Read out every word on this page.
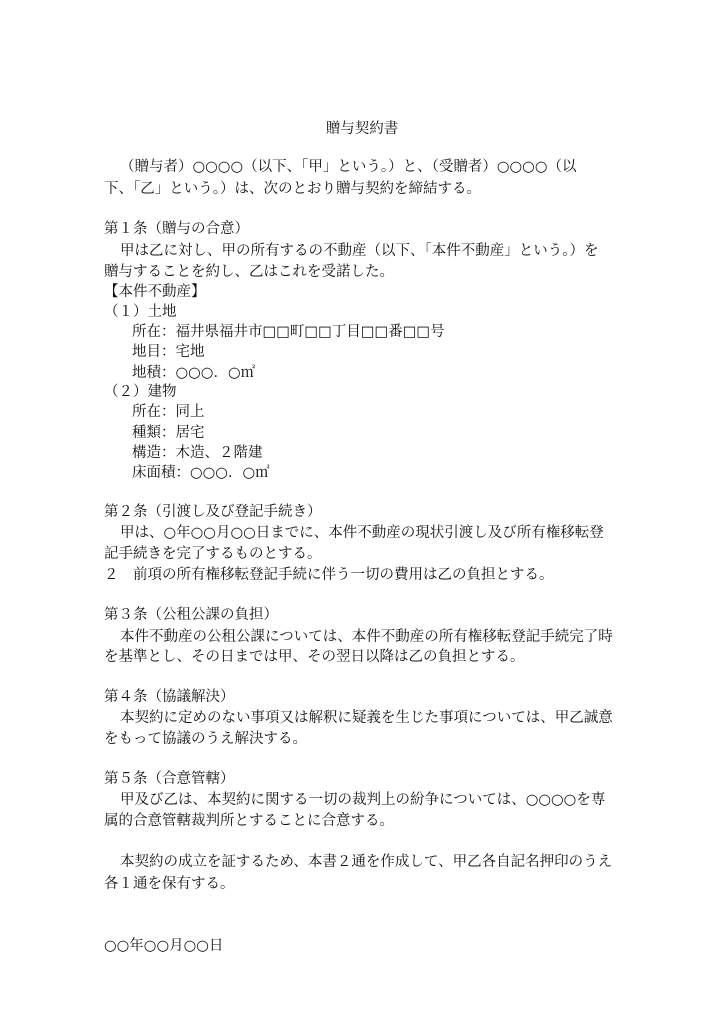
贈与契約書
（贈与者）○○○○（以下、「甲」という。）と、（受贈者）○○○○（以
下、「乙」という。）は、次のとおり贈与契約を締結する。
第１条（贈与の合意）
甲は乙に対し、甲の所有するの不動産（以下、「本件不動産」という。）を
贈与することを約し、乙はこれを受諾した。
【本件不動産】
（１）土地
所在：福井県福井市□□町□□丁目□□番□□号
地目：宅地
地積：○○○．○㎡
（２）建物
所在：同上
種類：居宅
構造：木造、２階建
床面積：○○○．○㎡
第２条（引渡し及び登記手続き）
甲は、○年○○月○○日までに、本件不動産の現状引渡し及び所有権移転登
記手続きを完了するものとする。
２　前項の所有権移転登記手続に伴う一切の費用は乙の負担とする。
第３条（公租公課の負担）
本件不動産の公租公課については、本件不動産の所有権移転登記手続完了時
を基準とし、その日までは甲、その翌日以降は乙の負担とする。
第４条（協議解決）
本契約に定めのない事項又は解釈に疑義を生じた事項については、甲乙誠意
をもって協議のうえ解決する。
第５条（合意管轄）
甲及び乙は、本契約に関する一切の裁判上の紛争については、○○○○を専
属的合意管轄裁判所とすることに合意する。
本契約の成立を証するため、本書２通を作成して、甲乙各自記名押印のうえ
各１通を保有する。
○○年○○月○○日
